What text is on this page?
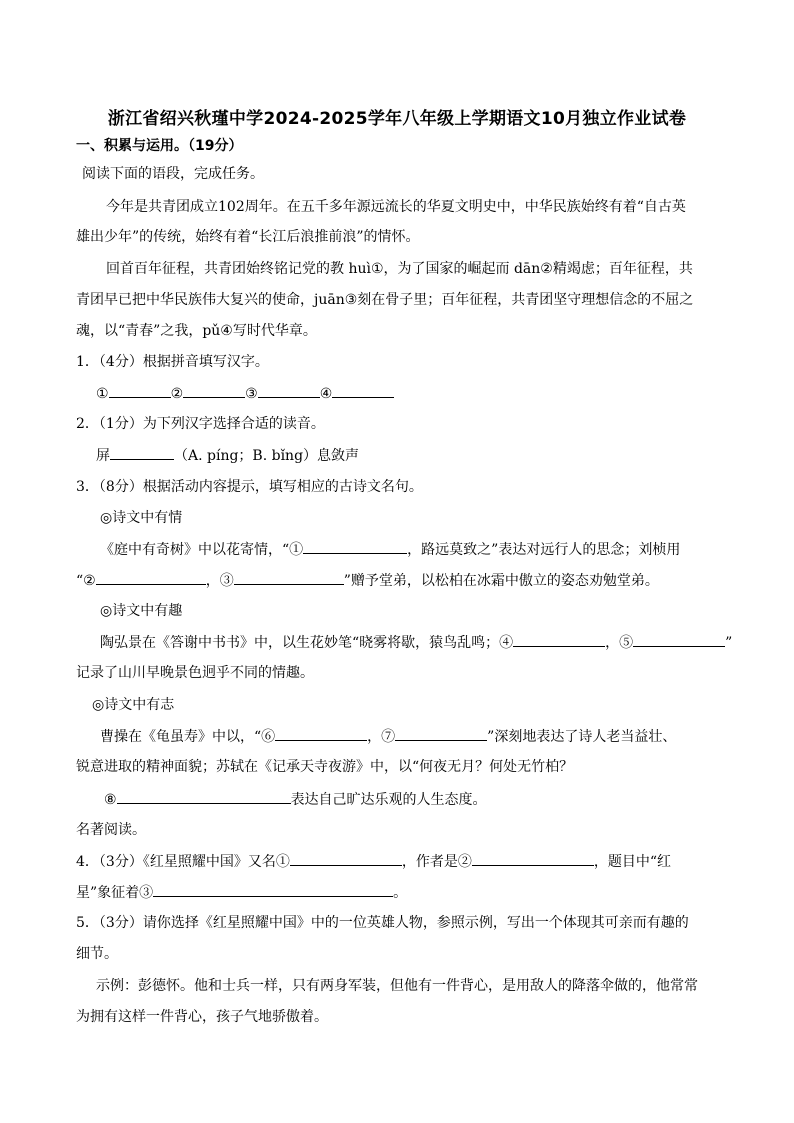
浙江省绍兴秋瑾中学2024-2025学年八年级上学期语文10月独立作业试卷
一、积累与运用。（19分）
阅读下面的语段，完成任务。
今年是共青团成立102周年。在五千多年源远流长的华夏文明史中，中华民族始终有着“自古英
雄出少年”的传统，始终有着“长江后浪推前浪”的情怀。
回首百年征程，共青团始终铭记党的教 huì①，为了国家的崛起而 dān②精竭虑；百年征程，共
青团早已把中华民族伟大复兴的使命，juān③刻在骨子里；百年征程，共青团坚守理想信念的不屈之
魂，以“青春”之我，pǔ④写时代华章。
1．（4分）根据拼音填写汉字。
①	②	③	④
2．（1分）为下列汉字选择合适的读音。
屏	（A. píng；B. bǐng）息敛声
3．（8分）根据活动内容提示，填写相应的古诗文名句。
◎诗文中有情
《庭中有奇树》中以花寄情，“①	，路远莫致之”表达对远行人的思念；刘桢用
“②	，③	”赠予堂弟，以松柏在冰霜中傲立的姿态劝勉堂弟。
◎诗文中有趣
陶弘景在《答谢中书书》中，以生花妙笔“晓雾将歇，猿鸟乱鸣；④	，⑤	”
记录了山川早晚景色迥乎不同的情趣。
◎诗文中有志
曹操在《龟虽寿》中以，“⑥	，⑦	”深刻地表达了诗人老当益壮、
锐意进取的精神面貌；苏轼在《记承天寺夜游》中，以“何夜无月？何处无竹柏？
⑧	表达自己旷达乐观的人生态度。
名著阅读。
4．（3分）《红星照耀中国》又名①	，作者是②	，题目中“红
星”象征着③	。
5．（3分）请你选择《红星照耀中国》中的一位英雄人物，参照示例，写出一个体现其可亲而有趣的
细节。
示例：彭德怀。他和士兵一样，只有两身军装，但他有一件背心，是用敌人的降落伞做的，他常常
为拥有这样一件背心，孩子气地骄傲着。
